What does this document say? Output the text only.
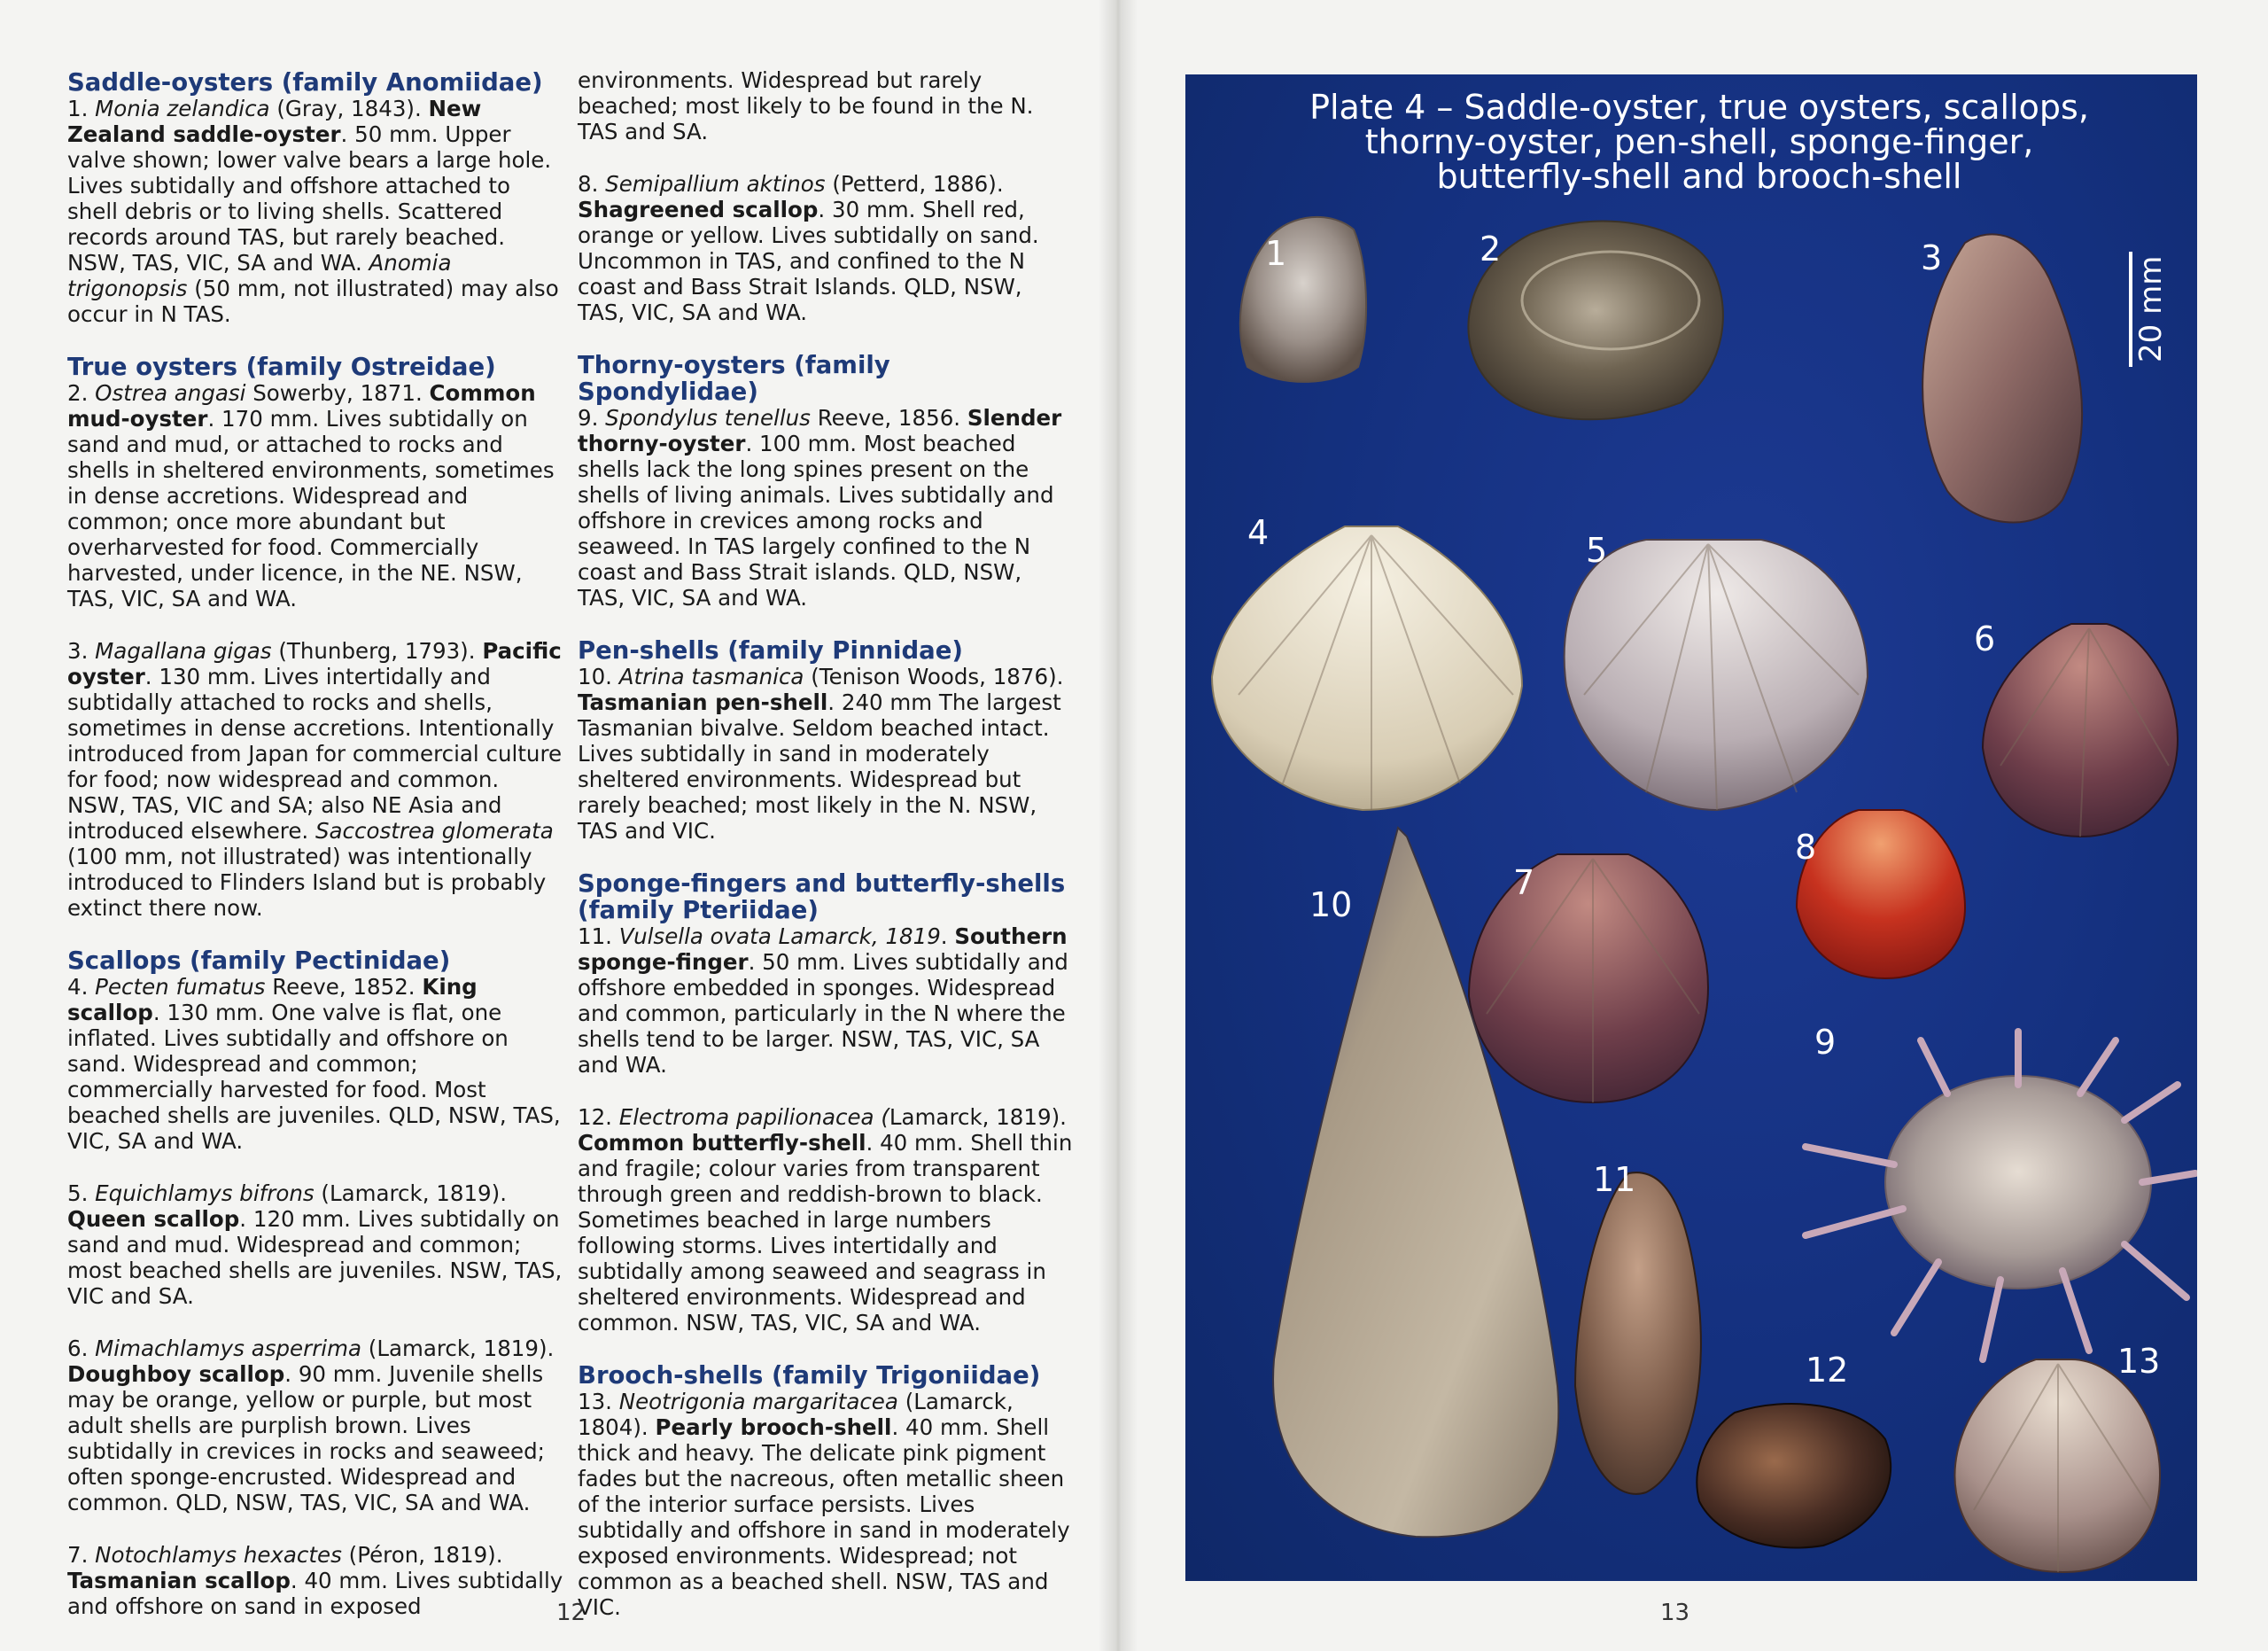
Saddle-oysters (family Anomiidae)

1. Monia zelandica (Gray, 1843). New Zealand saddle-oyster. 50 mm. Upper valve shown; lower valve bears a large hole. Lives subtidally and offshore attached to shell debris or to living shells. Scattered records around TAS, but rarely beached. NSW, TAS, VIC, SA and WA. Anomia trigonopsis (50 mm, not illustrated) may also occur in N TAS.

True oysters (family Ostreidae)

2. Ostrea angasi Sowerby, 1871. Common mud-oyster. 170 mm. Lives subtidally on sand and mud, or attached to rocks and shells in sheltered environments, sometimes in dense accretions. Widespread and common; once more abundant but overharvested for food. Commercially harvested, under licence, in the NE. NSW, TAS, VIC, SA and WA.

3. Magallana gigas (Thunberg, 1793). Pacific oyster. 130 mm. Lives intertidally and subtidally attached to rocks and shells, sometimes in dense accretions. Intentionally introduced from Japan for commercial culture for food; now widespread and common. NSW, TAS, VIC and SA; also NE Asia and introduced elsewhere. Saccostrea glomerata (100 mm, not illustrated) was intentionally introduced to Flinders Island but is probably extinct there now.

Scallops (family Pectinidae)

4. Pecten fumatus Reeve, 1852. King scallop. 130 mm. One valve is flat, one inflated. Lives subtidally and offshore on sand. Widespread and common; commercially harvested for food. Most beached shells are juveniles. QLD, NSW, TAS, VIC, SA and WA.

5. Equichlamys bifrons (Lamarck, 1819). Queen scallop. 120 mm. Lives subtidally on sand and mud. Widespread and common; most beached shells are juveniles. NSW, TAS, VIC and SA.

6. Mimachlamys asperrima (Lamarck, 1819). Doughboy scallop. 90 mm. Juvenile shells may be orange, yellow or purple, but most adult shells are purplish brown. Lives subtidally in crevices in rocks and seaweed; often sponge-encrusted. Widespread and common. QLD, NSW, TAS, VIC, SA and WA.

7. Notochlamys hexactes (Péron, 1819). Tasmanian scallop. 40 mm. Lives subtidally and offshore on sand in exposed

environments. Widespread but rarely beached; most likely to be found in the N. TAS and SA.

8. Semipallium aktinos (Petterd, 1886). Shagreened scallop. 30 mm. Shell red, orange or yellow. Lives subtidally on sand. Uncommon in TAS, and confined to the N coast and Bass Strait Islands. QLD, NSW, TAS, VIC, SA and WA.

Thorny-oysters (family Spondylidae)

9. Spondylus tenellus Reeve, 1856. Slender thorny-oyster. 100 mm. Most beached shells lack the long spines present on the shells of living animals. Lives subtidally and offshore in crevices among rocks and seaweed. In TAS largely confined to the N coast and Bass Strait islands. QLD, NSW, TAS, VIC, SA and WA.

Pen-shells (family Pinnidae)

10. Atrina tasmanica (Tenison Woods, 1876). Tasmanian pen-shell. 240 mm The largest Tasmanian bivalve. Seldom beached intact. Lives subtidally in sand in moderately sheltered environments. Widespread but rarely beached; most likely in the N. NSW, TAS and VIC.

Sponge-fingers and butterfly-shells
(family Pteriidae)

11. Vulsella ovata Lamarck, 1819. Southern sponge-finger. 50 mm. Lives subtidally and offshore embedded in sponges. Widespread and common, particularly in the N where the shells tend to be larger. NSW, TAS, VIC, SA and WA.

12. Electroma papilionacea (Lamarck, 1819). Common butterfly-shell. 40 mm. Shell thin and fragile; colour varies from transparent through green and reddish-brown to black. Sometimes beached in large numbers following storms. Lives intertidally and subtidally among seaweed and seagrass in sheltered environments. Widespread and common. NSW, TAS, VIC, SA and WA.

Brooch-shells (family Trigoniidae)

13. Neotrigonia margaritacea (Lamarck, 1804). Pearly brooch-shell. 40 mm. Shell thick and heavy. The delicate pink pigment fades but the nacreous, often metallic sheen of the interior surface persists. Lives subtidally and offshore in sand in moderately exposed environments. Widespread; not common as a beached shell. NSW, TAS and VIC.

12
Plate 4 – Saddle-oyster, true oysters, scallops,
thorny-oyster, pen-shell, sponge-finger,
butterfly-shell and brooch-shell
20 mm
1	2	3
4	5
6
7
8
9
10
11
12	13
13
